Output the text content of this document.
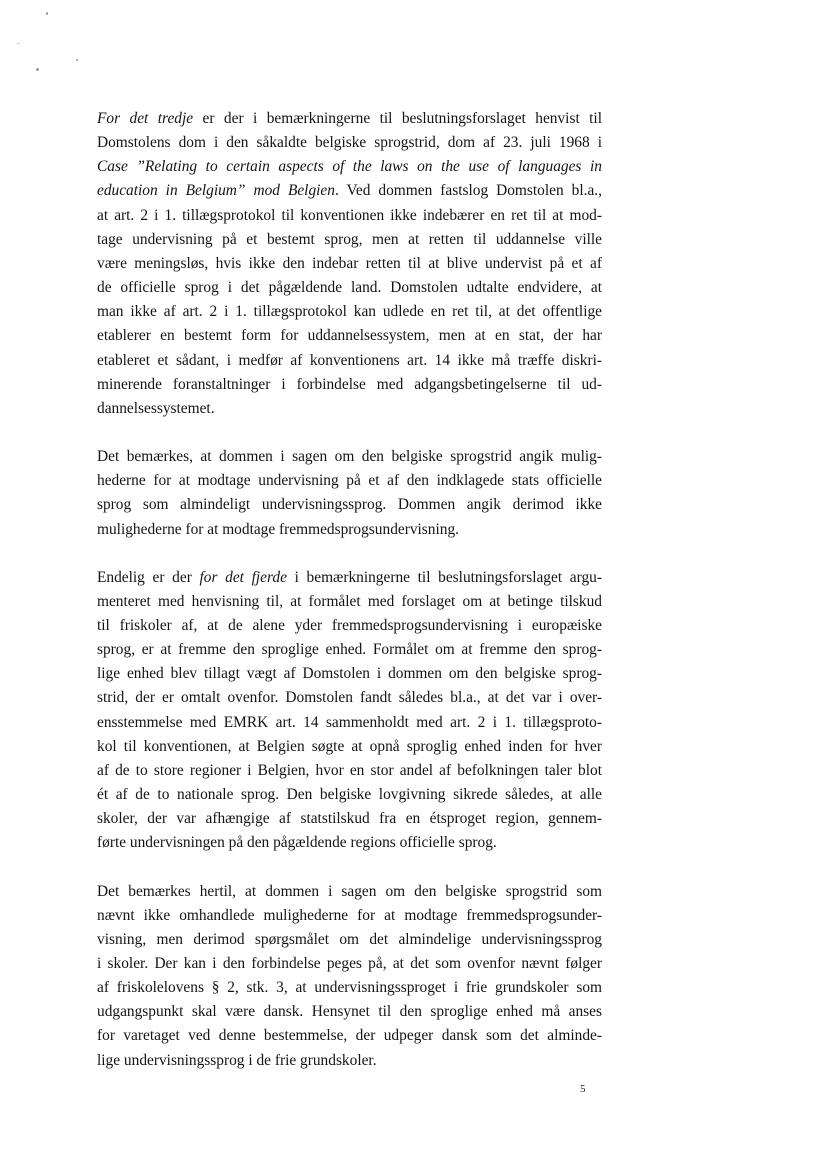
For det tredje er der i bemærkningerne til beslutningsforslaget henvist til
Domstolens dom i den såkaldte belgiske sprogstrid, dom af 23. juli 1968 i
Case ”Relating to certain aspects of the laws on the use of languages in
education in Belgium” mod Belgien. Ved dommen fastslog Domstolen bl.a.,
at art. 2 i 1. tillægsprotokol til konventionen ikke indebærer en ret til at mod-
tage undervisning på et bestemt sprog, men at retten til uddannelse ville
være meningsløs, hvis ikke den indebar retten til at blive undervist på et af
de officielle sprog i det pågældende land. Domstolen udtalte endvidere, at
man ikke af art. 2 i 1. tillægsprotokol kan udlede en ret til, at det offentlige
etablerer en bestemt form for uddannelsessystem, men at en stat, der har
etableret et sådant, i medfør af konventionens art. 14 ikke må træffe diskri-
minerende foranstaltninger i forbindelse med adgangsbetingelserne til ud-
dannelsessystemet.

Det bemærkes, at dommen i sagen om den belgiske sprogstrid angik mulig-
hederne for at modtage undervisning på et af den indklagede stats officielle
sprog som almindeligt undervisningssprog. Dommen angik derimod ikke
mulighederne for at modtage fremmedsprogsundervisning.

Endelig er der for det fjerde i bemærkningerne til beslutningsforslaget argu-
menteret med henvisning til, at formålet med forslaget om at betinge tilskud
til friskoler af, at de alene yder fremmedsprogsundervisning i europæiske
sprog, er at fremme den sproglige enhed. Formålet om at fremme den sprog-
lige enhed blev tillagt vægt af Domstolen i dommen om den belgiske sprog-
strid, der er omtalt ovenfor. Domstolen fandt således bl.a., at det var i over-
ensstemmelse med EMRK art. 14 sammenholdt med art. 2 i 1. tillægsproto-
kol til konventionen, at Belgien søgte at opnå sproglig enhed inden for hver
af de to store regioner i Belgien, hvor en stor andel af befolkningen taler blot
ét af de to nationale sprog. Den belgiske lovgivning sikrede således, at alle
skoler, der var afhængige af statstilskud fra en étsproget region, gennem-
førte undervisningen på den pågældende regions officielle sprog.

Det bemærkes hertil, at dommen i sagen om den belgiske sprogstrid som
nævnt ikke omhandlede mulighederne for at modtage fremmedsprogsunder-
visning, men derimod spørgsmålet om det almindelige undervisningssprog
i skoler. Der kan i den forbindelse peges på, at det som ovenfor nævnt følger
af friskolelovens § 2, stk. 3, at undervisningssproget i frie grundskoler som
udgangspunkt skal være dansk. Hensynet til den sproglige enhed må anses
for varetaget ved denne bestemmelse, der udpeger dansk som det alminde-
lige undervisningssprog i de frie grundskoler.

5
